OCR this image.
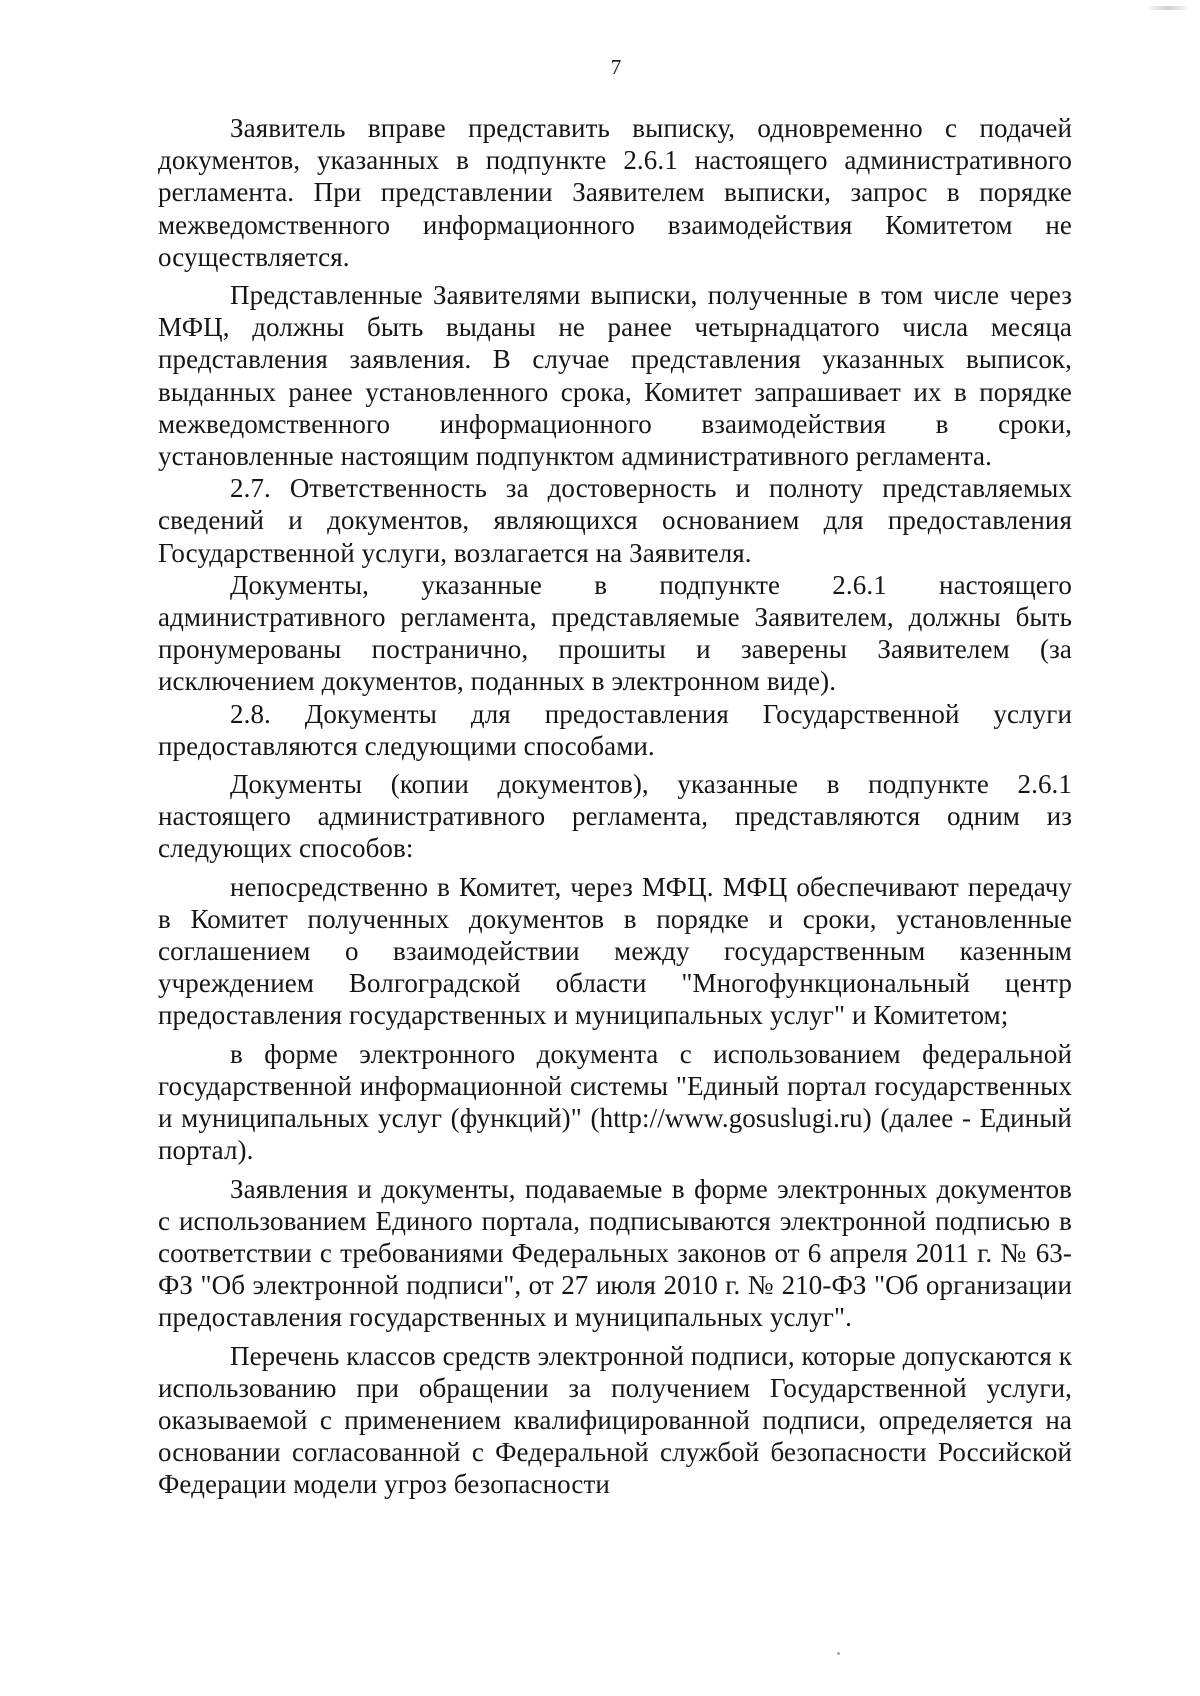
7

Заявитель вправе представить выписку, одновременно с подачей документов, указанных в подпункте 2.6.1 настоящего административного регламента. При представлении Заявителем выписки, запрос в порядке межведомственного информационного взаимодействия Комитетом не осуществляется.

Представленные Заявителями выписки, полученные в том числе через МФЦ, должны быть выданы не ранее четырнадцатого числа месяца представления заявления. В случае представления указанных выписок, выданных ранее установленного срока, Комитет запрашивает их в порядке межведомственного информационного взаимодействия в сроки, установленные настоящим подпунктом административного регламента.

2.7. Ответственность за достоверность и полноту представляемых сведений и документов, являющихся основанием для предоставления Государственной услуги, возлагается на Заявителя.

Документы, указанные в подпункте 2.6.1 настоящего административного регламента, представляемые Заявителем, должны быть пронумерованы постранично, прошиты и заверены Заявителем (за исключением документов, поданных в электронном виде).

2.8. Документы для предоставления Государственной услуги предоставляются следующими способами.

Документы (копии документов), указанные в подпункте 2.6.1 настоящего административного регламента, представляются одним из следующих способов:

непосредственно в Комитет, через МФЦ. МФЦ обеспечивают передачу в Комитет полученных документов в порядке и сроки, установленные соглашением о взаимодействии между государственным казенным учреждением Волгоградской области "Многофункциональный центр предоставления государственных и муниципальных услуг" и Комитетом;

в форме электронного документа с использованием федеральной государственной информационной системы "Единый портал государственных и муниципальных услуг (функций)" (http://www.gosuslugi.ru) (далее - Единый портал).

Заявления и документы, подаваемые в форме электронных документов с использованием Единого портала, подписываются электронной подписью в соответствии с требованиями Федеральных законов от 6 апреля 2011 г. № 63-ФЗ "Об электронной подписи", от 27 июля 2010 г. № 210-ФЗ "Об организации предоставления государственных и муниципальных услуг".

Перечень классов средств электронной подписи, которые допускаются к использованию при обращении за получением Государственной услуги, оказываемой с применением квалифицированной подписи, определяется на основании согласованной с Федеральной службой безопасности Российской Федерации модели угроз безопасности
